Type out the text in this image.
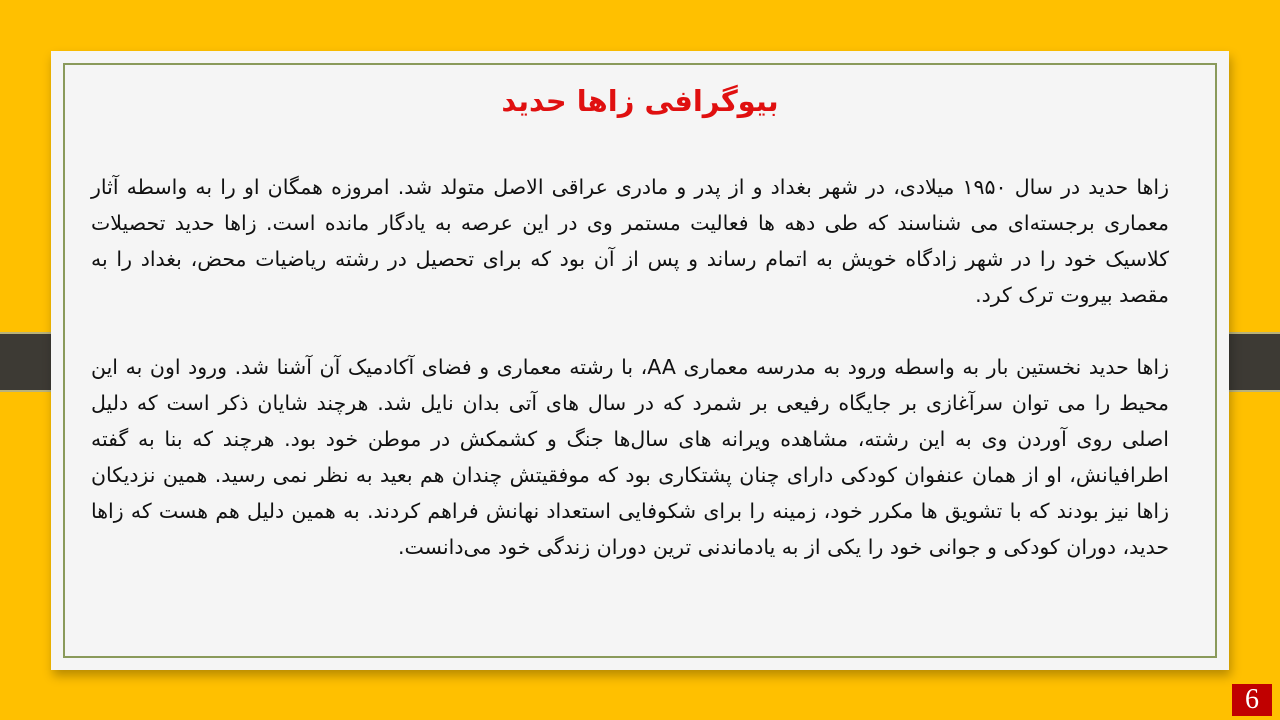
بیوگرافی زاها حدید

زاها حدید در سال ۱۹۵۰ میلادی، در شهر بغداد و از پدر و مادری عراقی الاصل متولد شد. امروزه همگان او را به واسطه آثار معماری برجسته‌ای می شناسند که طی دهه ها فعالیت مستمر وی در این عرصه به یادگار مانده است. زاها حدید تحصیلات کلاسیک خود را در شهر زادگاه خویش به اتمام رساند و پس از آن بود که برای تحصیل در رشته ریاضیات محض، بغداد را به مقصد بیروت ترک کرد.

زاها حدید نخستین بار به واسطه ورود به مدرسه معماری AA، با رشته معماری و فضای آکادمیک آن آشنا شد. ورود اون به این محیط را می توان سرآغازی بر جایگاه رفیعی بر شمرد که در سال های آتی بدان نایل شد. هرچند شایان ذکر است که دلیل اصلی روی آوردن وی به این رشته، مشاهده ویرانه های سال‌ها جنگ و کشمکش در موطن خود بود. هرچند که بنا به گفته اطرافیانش، او از همان عنفوان کودکی دارای چنان پشتکاری بود که موفقیتش چندان هم بعید به نظر نمی رسید. همین نزدیکان زاها نیز بودند که با تشویق ها مکرر خود، زمینه را برای شکوفایی استعداد نهانش فراهم کردند. به همین دلیل هم هست که زاها حدید، دوران کودکی و جوانی خود را یکی از به یادماندنی ترین دوران زندگی خود می‌دانست.

6
